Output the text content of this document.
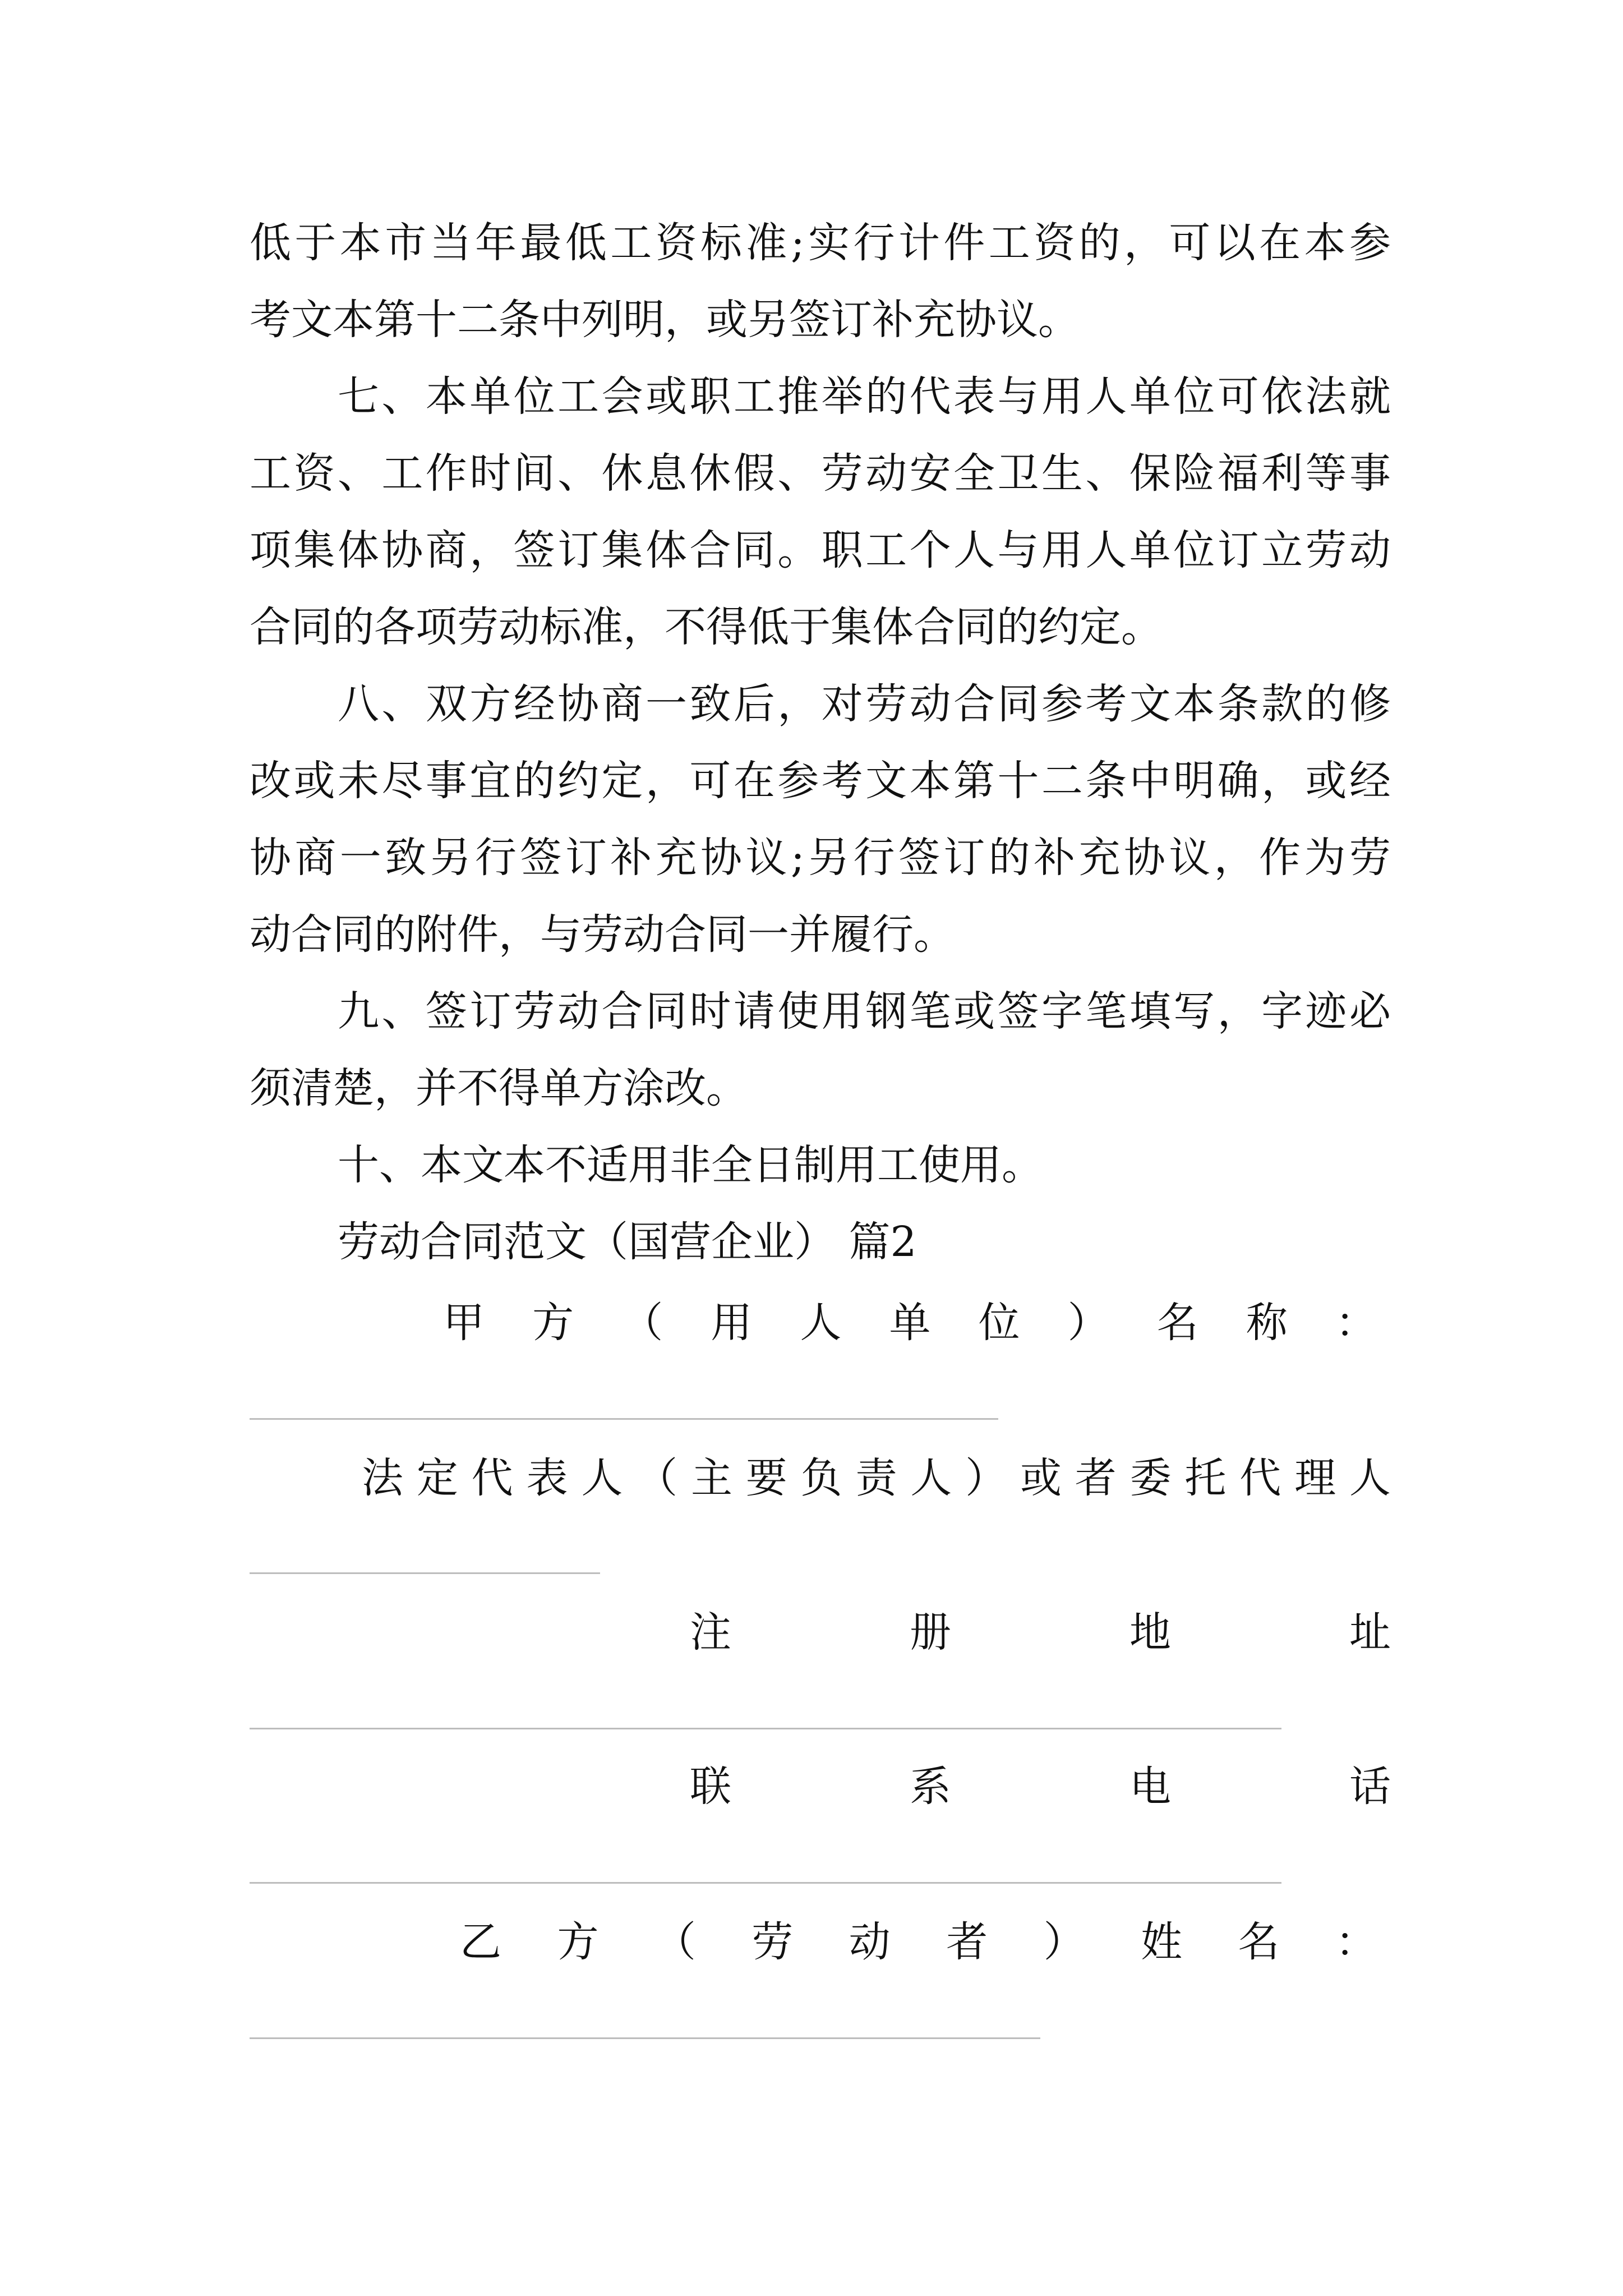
低于本市当年最低工资标准;实行计件工资的，可以在本参
考文本第十二条中列明，或另签订补充协议。
七、本单位工会或职工推举的代表与用人单位可依法就
工资、工作时间、休息休假、劳动安全卫生、保险福利等事
项集体协商，签订集体合同。职工个人与用人单位订立劳动
合同的各项劳动标准，不得低于集体合同的约定。
八、双方经协商一致后，对劳动合同参考文本条款的修
改或未尽事宜的约定，可在参考文本第十二条中明确，或经
协商一致另行签订补充协议;另行签订的补充协议，作为劳
动合同的附件，与劳动合同一并履行。
九、签订劳动合同时请使用钢笔或签字笔填写，字迹必
须清楚，并不得单方涂改。
十、本文本不适用非全日制用工使用。
劳动合同范文（国营企业） 篇2
甲 方 （ 用 人 单 位 ） 名 称 ：
法 定 代 表 人 （ 主 要 负 责 人 ） 或 者 委 托 代 理 人
注	册	地	址
联	系	电	话
乙 方 （ 劳 动 者 ） 姓 名 ：
